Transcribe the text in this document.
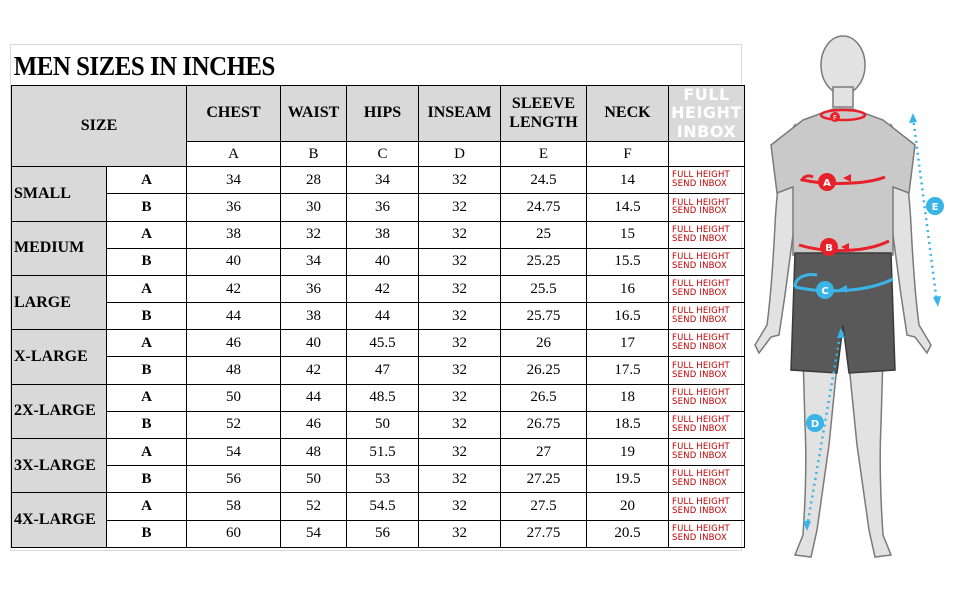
MEN SIZES IN INCHES
SIZE		CHEST	WAIST	HIPS	INSEAM	SLEEVE LENGTH	NECK	FULL HEIGHT INBOX
		A	B	C	D	E	F	
SMALL	A	34	28	34	32	24.5	14	FULL HEIGHT SEND INBOX
	B	36	30	36	32	24.75	14.5	FULL HEIGHT SEND INBOX
MEDIUM	A	38	32	38	32	25	15	FULL HEIGHT SEND INBOX
	B	40	34	40	32	25.25	15.5	FULL HEIGHT SEND INBOX
LARGE	A	42	36	42	32	25.5	16	FULL HEIGHT SEND INBOX
	B	44	38	44	32	25.75	16.5	FULL HEIGHT SEND INBOX
X-LARGE	A	46	40	45.5	32	26	17	FULL HEIGHT SEND INBOX
	B	48	42	47	32	26.25	17.5	FULL HEIGHT SEND INBOX
2X-LARGE	A	50	44	48.5	32	26.5	18	FULL HEIGHT SEND INBOX
	B	52	46	50	32	26.75	18.5	FULL HEIGHT SEND INBOX
3X-LARGE	A	54	48	51.5	32	27	19	FULL HEIGHT SEND INBOX
	B	56	50	53	32	27.25	19.5	FULL HEIGHT SEND INBOX
4X-LARGE	A	58	52	54.5	32	27.5	20	FULL HEIGHT SEND INBOX
	B	60	54	56	32	27.75	20.5	FULL HEIGHT SEND INBOX
F
A
B
C
D
E
